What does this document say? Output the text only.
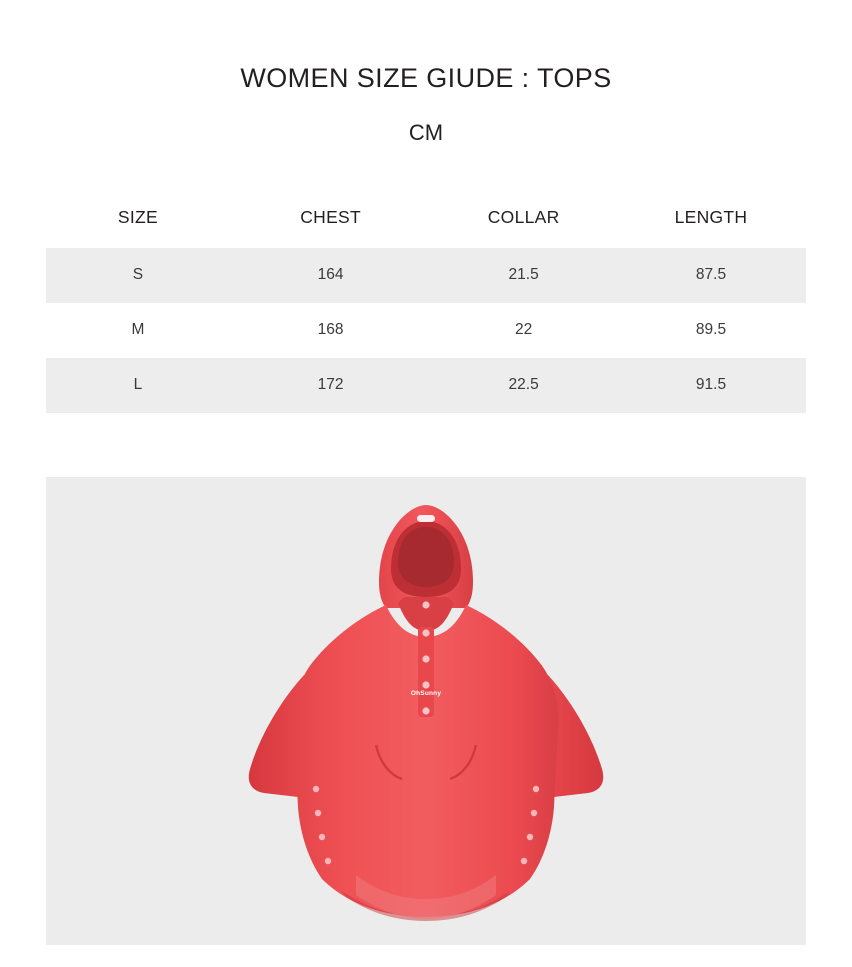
WOMEN SIZE GIUDE : TOPS
CM
SIZE	CHEST	COLLAR	LENGTH
S	164	21.5	87.5
M	168	22	89.5
L	172	22.5	91.5
OhSunny
